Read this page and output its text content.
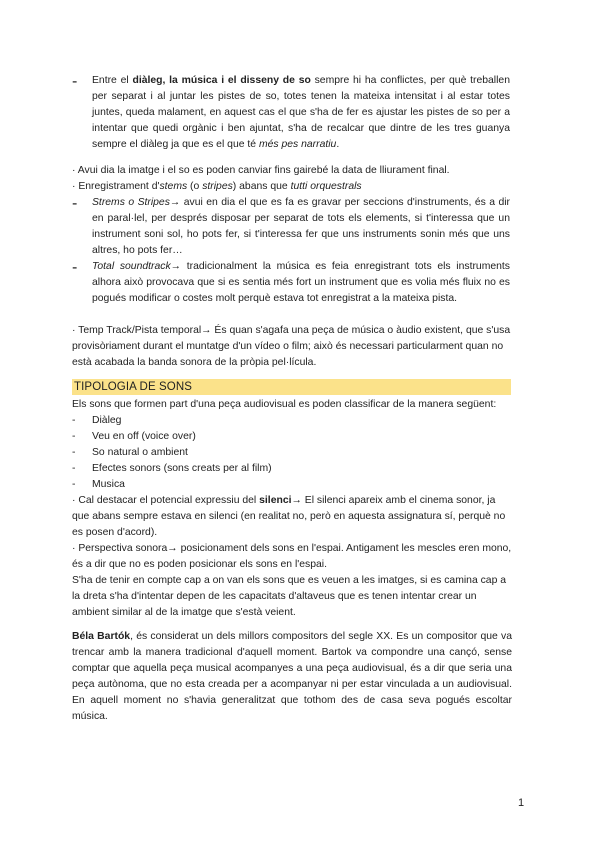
- Entre el diàleg, la música i el disseny de so sempre hi ha conflictes, per què treballen per separat i al juntar les pistes de so, totes tenen la mateixa intensitat i al estar totes juntes, queda malament, en aquest cas el que s'ha de fer es ajustar les pistes de so per a intentar que quedi orgànic i ben ajuntat, s'ha de recalcar que dintre de les tres guanya sempre el diàleg ja que es el que té més pes narratiu.

· Avui dia la imatge i el so es poden canviar fins gairebé la data de lliurament final.

· Enregistrament d'stems (o stripes) abans que tutti orquestrals

- Strems o Stripes→ avui en dia el que es fa es gravar per seccions d'instruments, és a dir en paral·lel, per després disposar per separat de tots els elements, si t'interessa que un instrument soni sol, ho pots fer, si t'interessa fer que uns instruments sonin més que uns altres, ho pots fer…

- Total soundtrack→ tradicionalment la música es feia enregistrant tots els instruments alhora això provocava que si es sentia més fort un instrument que es volia més fluix no es pogués modificar o costes molt perquè estava tot enregistrat a la mateixa pista.

· Temp Track/Pista temporal→ És quan s'agafa una peça de música o àudio existent, que s'usa provisòriament durant el muntatge d'un vídeo o film; això és necessari particularment quan no està acabada la banda sonora de la pròpia pel·lícula.

TIPOLOGIA DE SONS

Els sons que formen part d'una peça audiovisual es poden classificar de la manera següent:

- Diàleg
- Veu en off (voice over)
- So natural o ambient
- Efectes sonors (sons creats per al film)
- Musica

· Cal destacar el potencial expressiu del silenci→ El silenci apareix amb el cinema sonor, ja que abans sempre estava en silenci (en realitat no, però en aquesta assignatura sí, perquè no es posen d'acord).

· Perspectiva sonora→ posicionament dels sons en l'espai. Antigament les mescles eren mono, és a dir que no es poden posicionar els sons en l'espai.

S'ha de tenir en compte cap a on van els sons que es veuen a les imatges, si es camina cap a la dreta s'ha d'intentar depen de les capacitats d'altaveus que es tenen intentar crear un ambient similar al de la imatge que s'està veient.

Béla Bartók, és considerat un dels millors compositors del segle XX. Es un compositor que va trencar amb la manera tradicional d'aquell moment. Bartok va compondre una cançó, sense comptar que aquella peça musical acompanyes a una peça audiovisual, és a dir que seria una peça autònoma, que no esta creada per a acompanyar ni per estar vinculada a un audiovisual. En aquell moment no s'havia generalitzat que tothom des de casa seva pogués escoltar música.

1
